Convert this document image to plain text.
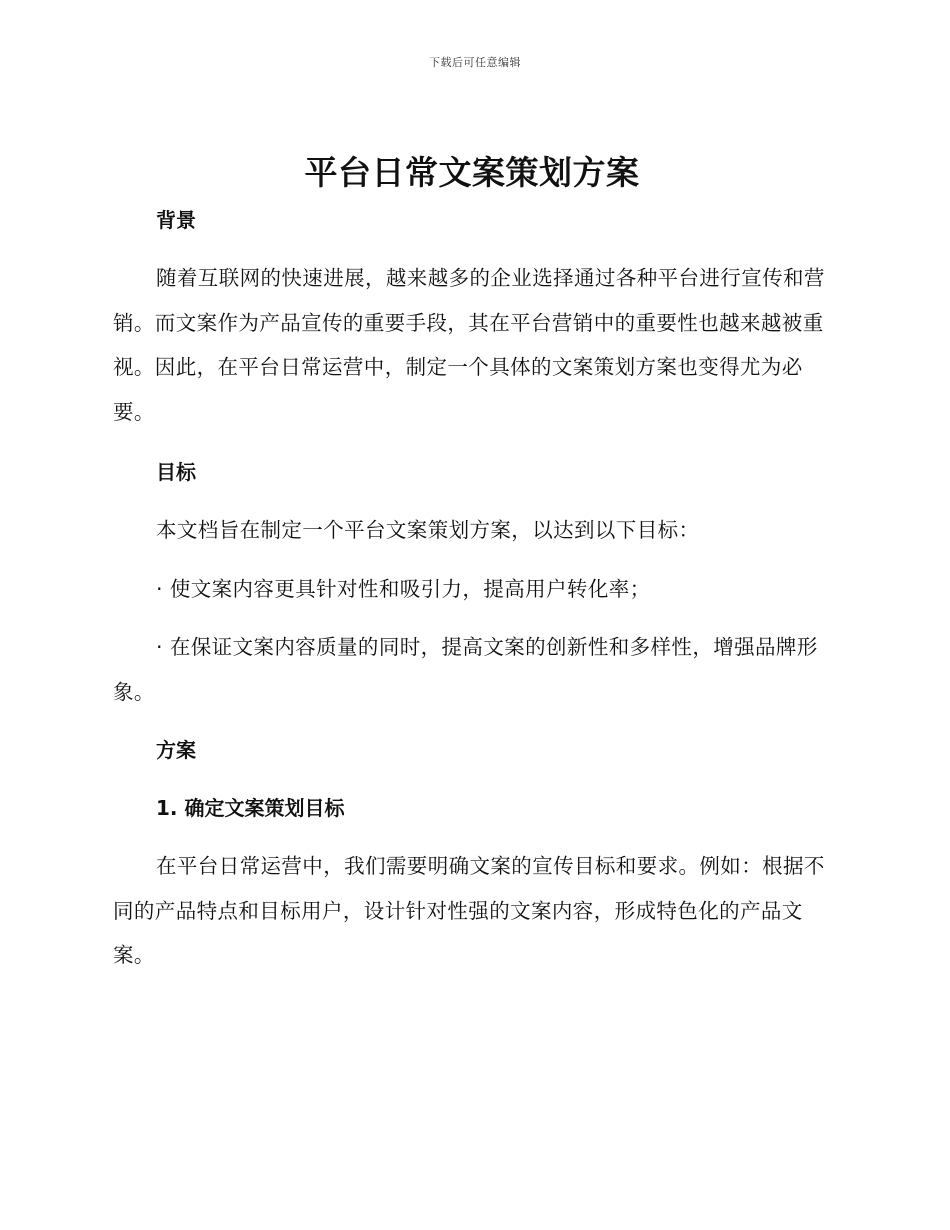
下载后可任意编辑
平台日常文案策划方案
背景

随着互联网的快速进展，越来越多的企业选择通过各种平台进行宣传和营销。而文案作为产品宣传的重要手段，其在平台营销中的重要性也越来越被重视。因此，在平台日常运营中，制定一个具体的文案策划方案也变得尤为必要。

目标

本文档旨在制定一个平台文案策划方案，以达到以下目标：

· 使文案内容更具针对性和吸引力，提高用户转化率；

· 在保证文案内容质量的同时，提高文案的创新性和多样性，增强品牌形象。

方案
1. 确定文案策划目标

在平台日常运营中，我们需要明确文案的宣传目标和要求。例如：根据不同的产品特点和目标用户，设计针对性强的文案内容，形成特色化的产品文案。
